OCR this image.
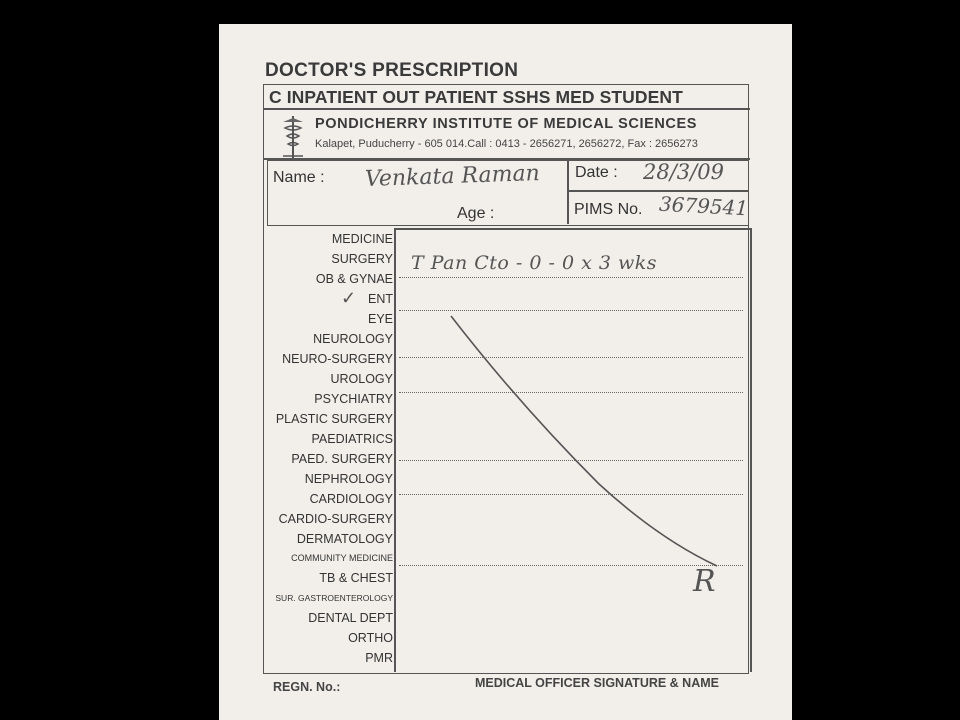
DOCTOR'S PRESCRIPTION
C INPATIENT OUT PATIENT SSHS MED STUDENT
PONDICHERRY INSTITUTE OF MEDICAL SCIENCES
Kalapet, Puducherry - 605 014.Call : 0413 - 2656271, 2656272, Fax : 2656273
Name : Venkata Raman
Age :
Date : 28/3/09
PIMS No. 3679541
MEDICINE
SURGERY
OB & GYNAE
ENT
EYE
NEUROLOGY
NEURO-SURGERY
UROLOGY
PSYCHIATRY
PLASTIC SURGERY
PAEDIATRICS
PAED. SURGERY
NEPHROLOGY
CARDIOLOGY
CARDIO-SURGERY
DERMATOLOGY
COMMUNITY MEDICINE
TB & CHEST
SUR. GASTROENTEROLOGY
DENTAL DEPT
ORTHO
PMR
✓
T Pan Cto - 0 - 0 x 3 wks
R
REGN. No.:	MEDICAL OFFICER SIGNATURE & NAME
